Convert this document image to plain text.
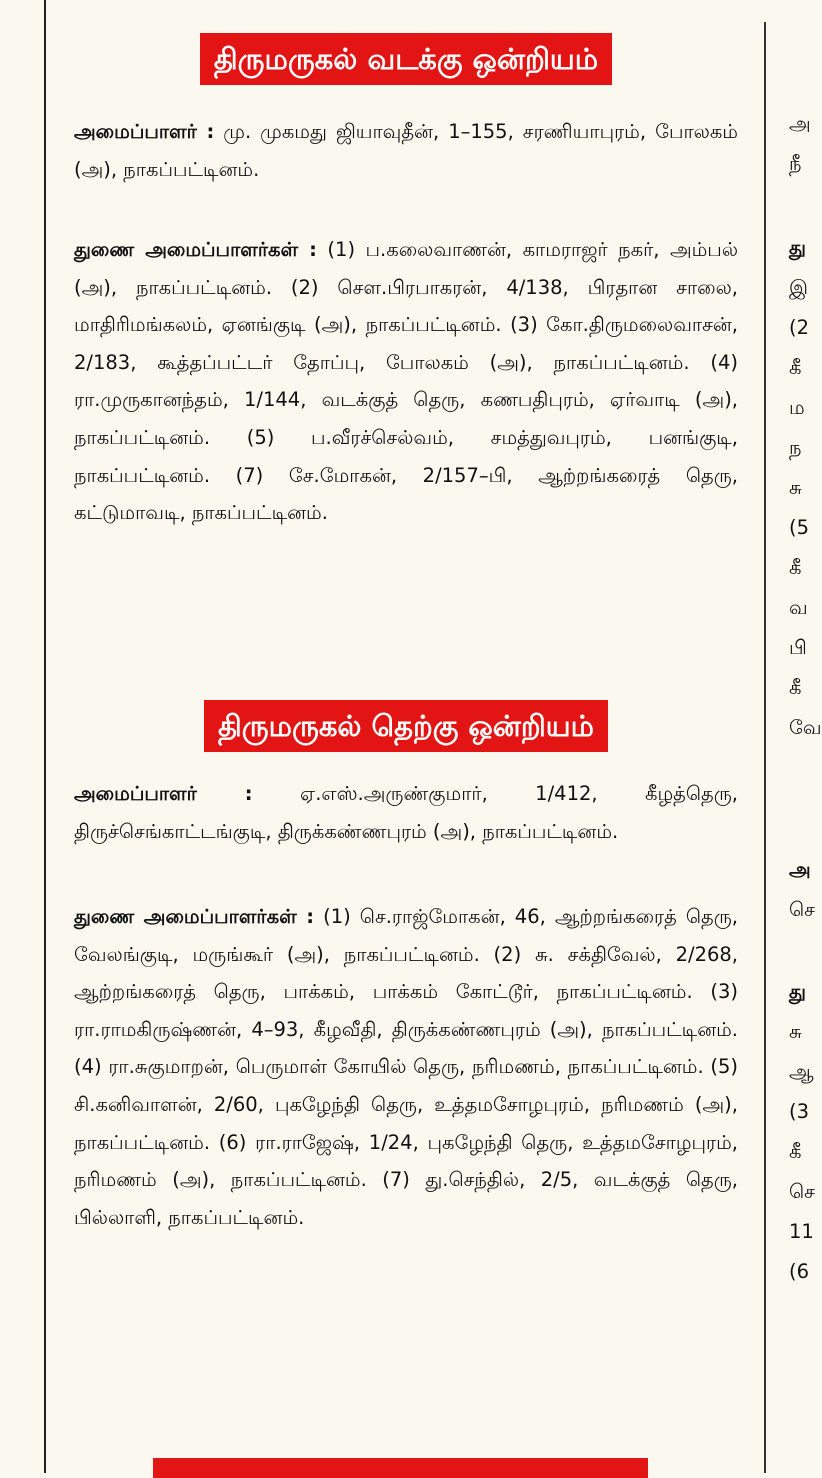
திருமருகல் வடக்கு ஒன்றியம்

அமைப்பாளர் : மு. முகமது ஜியாவுதீன், 1–155, சரணியாபுரம், போலகம் (அ), நாகப்பட்டினம்.

துணை அமைப்பாளர்கள் : (1) ப.கலைவாணன், காமராஜர் நகர், அம்பல் (அ), நாகப்பட்டினம். (2) சௌ.பிரபாகரன், 4/138, பிரதான சாலை, மாதிரிமங்கலம், ஏனங்குடி (அ), நாகப்பட்டினம். (3) கோ.திருமலைவாசன், 2/183, கூத்தப்பட்டர் தோப்பு, போலகம் (அ), நாகப்பட்டினம். (4) ரா.முருகானந்தம், 1/144, வடக்குத் தெரு, கணபதிபுரம், ஏர்வாடி (அ), நாகப்பட்டினம். (5) ப.வீரச்செல்வம், சமத்துவபுரம், பனங்குடி, நாகப்பட்டினம். (7) சே.மோகன், 2/157–பி, ஆற்றங்கரைத் தெரு, கட்டுமாவடி, நாகப்பட்டினம்.

திருமருகல் தெற்கு ஒன்றியம்

அமைப்பாளர் : ஏ.எஸ்.அருண்குமார், 1/412, கீழத்தெரு, திருச்செங்காட்டங்குடி, திருக்கண்ணபுரம் (அ), நாகப்பட்டினம்.

துணை அமைப்பாளர்கள் : (1) செ.ராஜ்மோகன், 46, ஆற்றங்கரைத் தெரு, வேலங்குடி, மருங்கூர் (அ), நாகப்பட்டினம். (2) சு. சக்திவேல், 2/268, ஆற்றங்கரைத் தெரு, பாக்கம், பாக்கம் கோட்டூர், நாகப்பட்டினம். (3) ரா.ராமகிருஷ்ணன், 4–93, கீழவீதி, திருக்கண்ணபுரம் (அ), நாகப்பட்டினம். (4) ரா.சுகுமாறன், பெருமாள் கோயில் தெரு, நரிமணம், நாகப்பட்டினம். (5) சி.கனிவாளன், 2/60, புகழேந்தி தெரு, உத்தமசோழபுரம், நரிமணம் (அ), நாகப்பட்டினம். (6) ரா.ராஜேஷ், 1/24, புகழேந்தி தெரு, உத்தமசோழபுரம், நரிமணம் (அ), நாகப்பட்டினம். (7) து.செந்தில், 2/5, வடக்குத் தெரு, பில்லாளி, நாகப்பட்டினம்.

அ
நீ
து
இ
(2
கீ
ம
ந
சு
(5
கீ
வ
பி
கீ
வே
அ
செ
து
சு
ஆ
(3
கீ
செ
11
(6
